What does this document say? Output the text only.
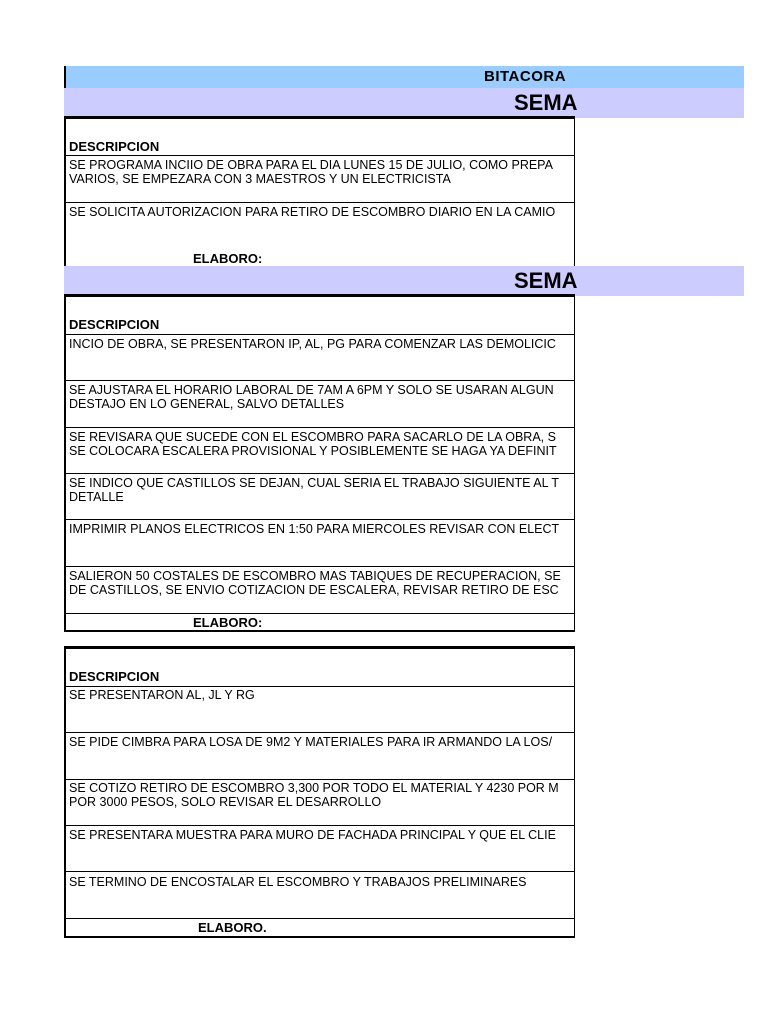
BITACORA
SEMA
DESCRIPCION
SE PROGRAMA INCIIO DE OBRA PARA EL DIA LUNES 15 DE JULIO, COMO PREPA
VARIOS, SE EMPEZARA CON 3 MAESTROS Y UN ELECTRICISTA
SE SOLICITA AUTORIZACION PARA RETIRO DE ESCOMBRO DIARIO EN LA CAMIO
ELABORO:
SEMA
DESCRIPCION
INCIO DE OBRA, SE PRESENTARON IP, AL, PG PARA COMENZAR LAS DEMOLICIC
SE AJUSTARA EL HORARIO LABORAL DE 7AM A 6PM Y SOLO SE USARAN ALGUN
DESTAJO EN LO GENERAL, SALVO DETALLES
SE REVISARA QUE SUCEDE CON EL ESCOMBRO PARA SACARLO DE LA OBRA, S
SE COLOCARA ESCALERA PROVISIONAL Y POSIBLEMENTE SE HAGA YA DEFINIT
SE INDICO QUE CASTILLOS SE DEJAN, CUAL SERIA EL TRABAJO SIGUIENTE AL T
DETALLE
IMPRIMIR PLANOS ELECTRICOS EN 1:50 PARA MIERCOLES REVISAR CON ELECT
SALIERON 50 COSTALES DE ESCOMBRO MAS TABIQUES DE RECUPERACION, SE
DE CASTILLOS, SE ENVIO COTIZACION DE ESCALERA, REVISAR RETIRO DE ESC
ELABORO:
DESCRIPCION
SE PRESENTARON AL, JL Y RG
SE PIDE CIMBRA PARA LOSA DE 9M2 Y MATERIALES PARA IR ARMANDO LA LOS/
SE COTIZO RETIRO DE ESCOMBRO 3,300 POR TODO EL MATERIAL Y 4230 POR M
POR 3000 PESOS, SOLO REVISAR EL DESARROLLO
SE PRESENTARA MUESTRA PARA MURO DE FACHADA PRINCIPAL Y QUE EL CLIE
SE TERMINO DE ENCOSTALAR EL ESCOMBRO Y TRABAJOS PRELIMINARES
ELABORO.
